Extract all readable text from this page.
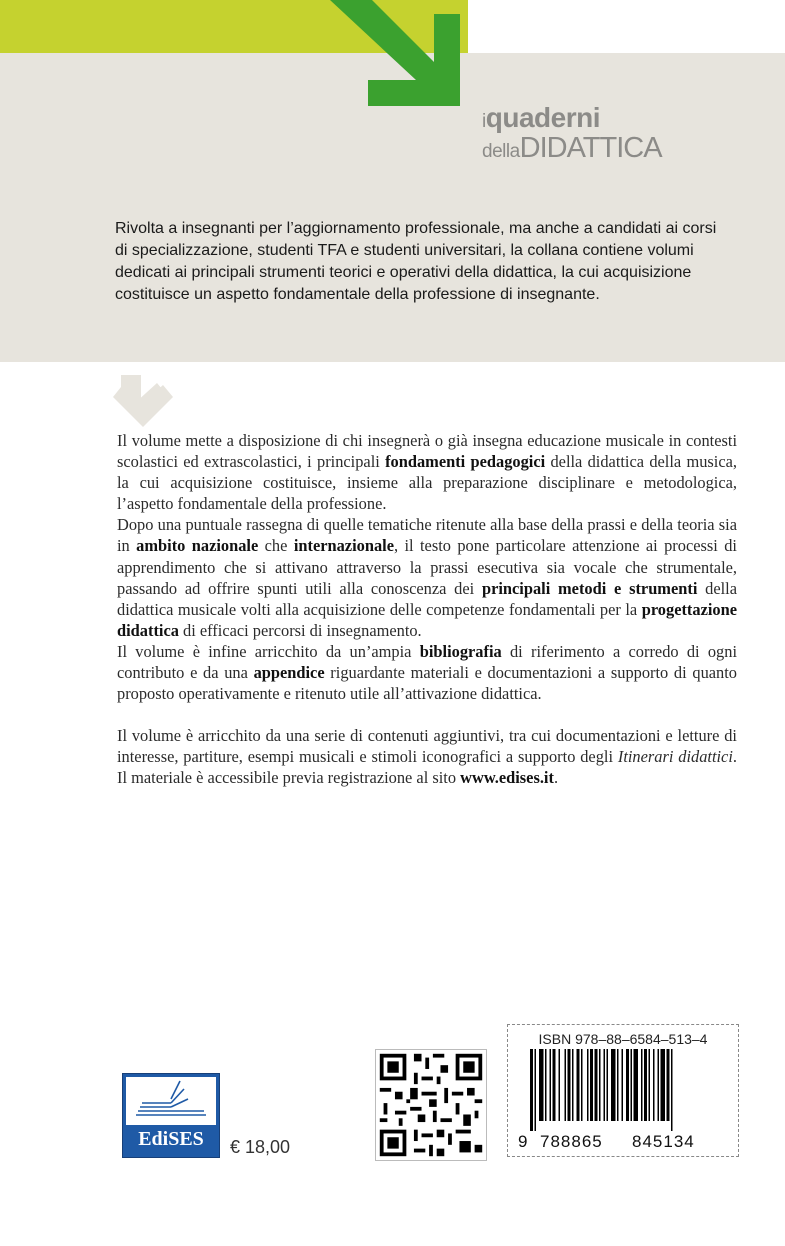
iquaderni
dellaDIDATTICA
Rivolta a insegnanti per l’aggiornamento professionale, ma anche a candidati ai corsi di specializzazione, studenti TFA e studenti universitari, la collana contiene volumi dedicati ai principali strumenti teorici e operativi della didattica, la cui acquisizione costituisce un aspetto fondamentale della professione di insegnante.

Il volume mette a disposizione di chi insegnerà o già insegna educazione musicale in contesti scolastici ed extrascolastici, i principali fondamenti pedagogici della didattica della musica, la cui acquisizione costituisce, insieme alla preparazione disciplinare e metodologica, l’aspetto fondamentale della professione.

Dopo una puntuale rassegna di quelle tematiche ritenute alla base della prassi e della teoria sia in ambito nazionale che internazionale, il testo pone particolare attenzione ai processi di apprendimento che si attivano attraverso la prassi esecutiva sia vocale che strumentale, passando ad offrire spunti utili alla conoscenza dei principali metodi e strumenti della didattica musicale volti alla acquisizione delle competenze fondamentali per la progettazione didattica di efficaci percorsi di insegnamento.

Il volume è infine arricchito da un’ampia bibliografia di riferimento a corredo di ogni contributo e da una appendice riguardante materiali e documentazioni a supporto di quanto proposto operativamente e ritenuto utile all’attivazione didattica.

Il volume è arricchito da una serie di contenuti aggiuntivi, tra cui documentazioni e letture di interesse, partiture, esempi musicali e stimoli iconografici a supporto degli Itinerari didattici. Il materiale è accessibile previa registrazione al sito www.edises.it.

EdiSES	€ 18,00
ISBN 978–88–6584–513–4
9 788865 845134
